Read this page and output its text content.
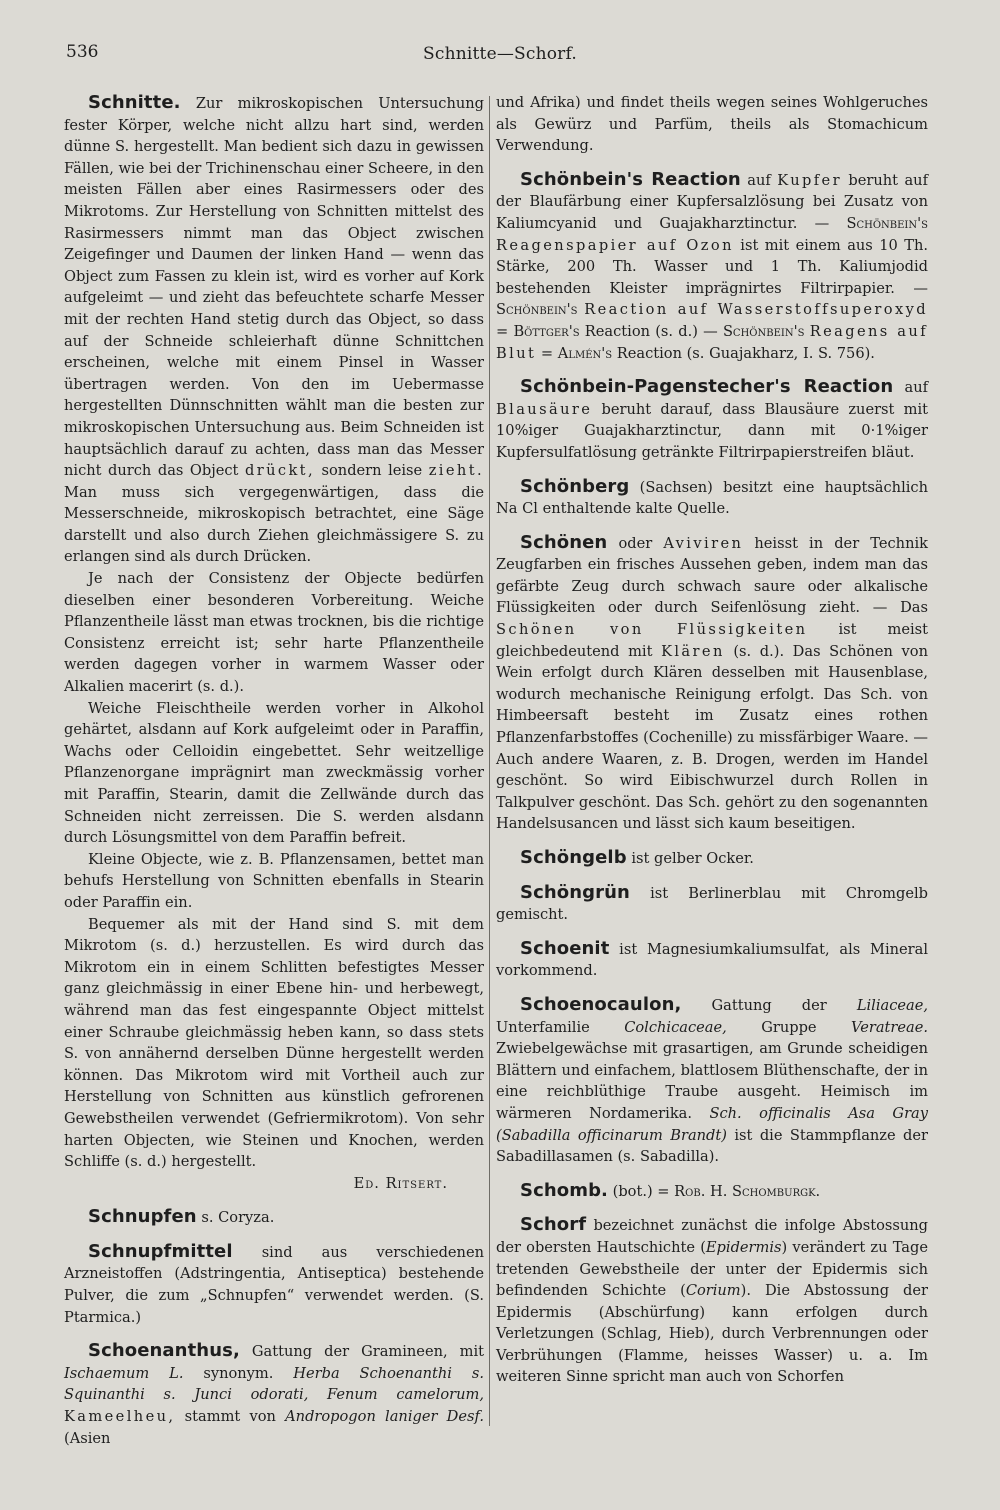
536	Schnitte—Schorf.

Schnitte. Zur mikroskopischen Untersuchung fester Körper, welche nicht allzu hart sind, werden dünne S. hergestellt. Man bedient sich dazu in gewissen Fällen, wie bei der Trichinenschau einer Scheere, in den meisten Fällen aber eines Rasirmessers oder des Mikrotoms. Zur Herstellung von Schnitten mittelst des Rasirmessers nimmt man das Object zwischen Zeigefinger und Daumen der linken Hand — wenn das Object zum Fassen zu klein ist, wird es vorher auf Kork aufgeleimt — und zieht das befeuchtete scharfe Messer mit der rechten Hand stetig durch das Object, so dass auf der Schneide schleierhaft dünne Schnittchen erscheinen, welche mit einem Pinsel in Wasser übertragen werden. Von den im Uebermasse hergestellten Dünnschnitten wählt man die besten zur mikroskopischen Untersuchung aus. Beim Schneiden ist hauptsächlich darauf zu achten, dass man das Messer nicht durch das Object drückt, sondern leise zieht. Man muss sich vergegenwärtigen, dass die Messerschneide, mikroskopisch betrachtet, eine Säge darstellt und also durch Ziehen gleichmässigere S. zu erlangen sind als durch Drücken.

Je nach der Consistenz der Objecte bedürfen dieselben einer besonderen Vorbereitung. Weiche Pflanzentheile lässt man etwas trocknen, bis die richtige Consistenz erreicht ist; sehr harte Pflanzentheile werden dagegen vorher in warmem Wasser oder Alkalien macerirt (s. d.).

Weiche Fleischtheile werden vorher in Alkohol gehärtet, alsdann auf Kork aufgeleimt oder in Paraffin, Wachs oder Celloidin eingebettet. Sehr weitzellige Pflanzenorgane imprägnirt man zweckmässig vorher mit Paraffin, Stearin, damit die Zellwände durch das Schneiden nicht zerreissen. Die S. werden alsdann durch Lösungsmittel von dem Paraffin befreit.

Kleine Objecte, wie z. B. Pflanzensamen, bettet man behufs Herstellung von Schnitten ebenfalls in Stearin oder Paraffin ein.

Bequemer als mit der Hand sind S. mit dem Mikrotom (s. d.) herzustellen. Es wird durch das Mikrotom ein in einem Schlitten befestigtes Messer ganz gleichmässig in einer Ebene hin- und herbewegt, während man das fest eingespannte Object mittelst einer Schraube gleichmässig heben kann, so dass stets S. von annähernd derselben Dünne hergestellt werden können. Das Mikrotom wird mit Vortheil auch zur Herstellung von Schnitten aus künstlich gefrorenen Gewebstheilen verwendet (Gefriermikrotom). Von sehr harten Objecten, wie Steinen und Knochen, werden Schliffe (s. d.) hergestellt.

Ed. Ritsert.

Schnupfen s. Coryza.

Schnupfmittel sind aus verschiedenen Arzneistoffen (Adstringentia, Antiseptica) bestehende Pulver, die zum „Schnupfen“ verwendet werden. (S. Ptarmica.)

Schoenanthus, Gattung der Gramineen, mit Ischaemum L. synonym. Herba Schoenanthi s. Squinanthi s. Junci odorati, Fenum camelorum, Kameelheu, stammt von Andropogon laniger Desf. (Asien

und Afrika) und findet theils wegen seines Wohlgeruches als Gewürz und Parfüm, theils als Stomachicum Verwendung.

Schönbein's Reaction auf Kupfer beruht auf der Blaufärbung einer Kupfersalzlösung bei Zusatz von Kaliumcyanid und Guajakharztinctur. — Schönbein's Reagenspapier auf Ozon ist mit einem aus 10 Th. Stärke, 200 Th. Wasser und 1 Th. Kaliumjodid bestehenden Kleister imprägnirtes Filtrirpapier. — Schönbein's Reaction auf Wasserstoffsuperoxyd = Böttger's Reaction (s. d.) — Schönbein's Reagens auf Blut = Almén's Reaction (s. Guajakharz, I. S. 756).

Schönbein-Pagenstecher's Reaction auf Blausäure beruht darauf, dass Blausäure zuerst mit 10%iger Guajakharztinctur, dann mit 0·1%iger Kupfersulfatlösung getränkte Filtrirpapierstreifen bläut.

Schönberg (Sachsen) besitzt eine hauptsächlich Na Cl enthaltende kalte Quelle.

Schönen oder Aviviren heisst in der Technik Zeugfarben ein frisches Aussehen geben, indem man das gefärbte Zeug durch schwach saure oder alkalische Flüssigkeiten oder durch Seifenlösung zieht. — Das Schönen von Flüssigkeiten ist meist gleichbedeutend mit Klären (s. d.). Das Schönen von Wein erfolgt durch Klären desselben mit Hausenblase, wodurch mechanische Reinigung erfolgt. Das Sch. von Himbeersaft besteht im Zusatz eines rothen Pflanzenfarbstoffes (Cochenille) zu missfärbiger Waare. — Auch andere Waaren, z. B. Drogen, werden im Handel geschönt. So wird Eibischwurzel durch Rollen in Talkpulver geschönt. Das Sch. gehört zu den sogenannten Handelsusancen und lässt sich kaum beseitigen.

Schöngelb ist gelber Ocker.

Schöngrün ist Berlinerblau mit Chromgelb gemischt.

Schoenit ist Magnesiumkaliumsulfat, als Mineral vorkommend.

Schoenocaulon, Gattung der Liliaceae, Unterfamilie Colchicaceae, Gruppe Veratreae. Zwiebelgewächse mit grasartigen, am Grunde scheidigen Blättern und einfachem, blattlosem Blüthenschafte, der in eine reichblüthige Traube ausgeht. Heimisch im wärmeren Nordamerika. Sch. officinalis Asa Gray (Sabadilla officinarum Brandt) ist die Stammpflanze der Sabadillasamen (s. Sabadilla).

Schomb. (bot.) = Rob. H. Schomburgk.

Schorf bezeichnet zunächst die infolge Abstossung der obersten Hautschichte (Epidermis) verändert zu Tage tretenden Gewebstheile der unter der Epidermis sich befindenden Schichte (Corium). Die Abstossung der Epidermis (Abschürfung) kann erfolgen durch Verletzungen (Schlag, Hieb), durch Verbrennungen oder Verbrühungen (Flamme, heisses Wasser) u. a. Im weiteren Sinne spricht man auch von Schorfen
